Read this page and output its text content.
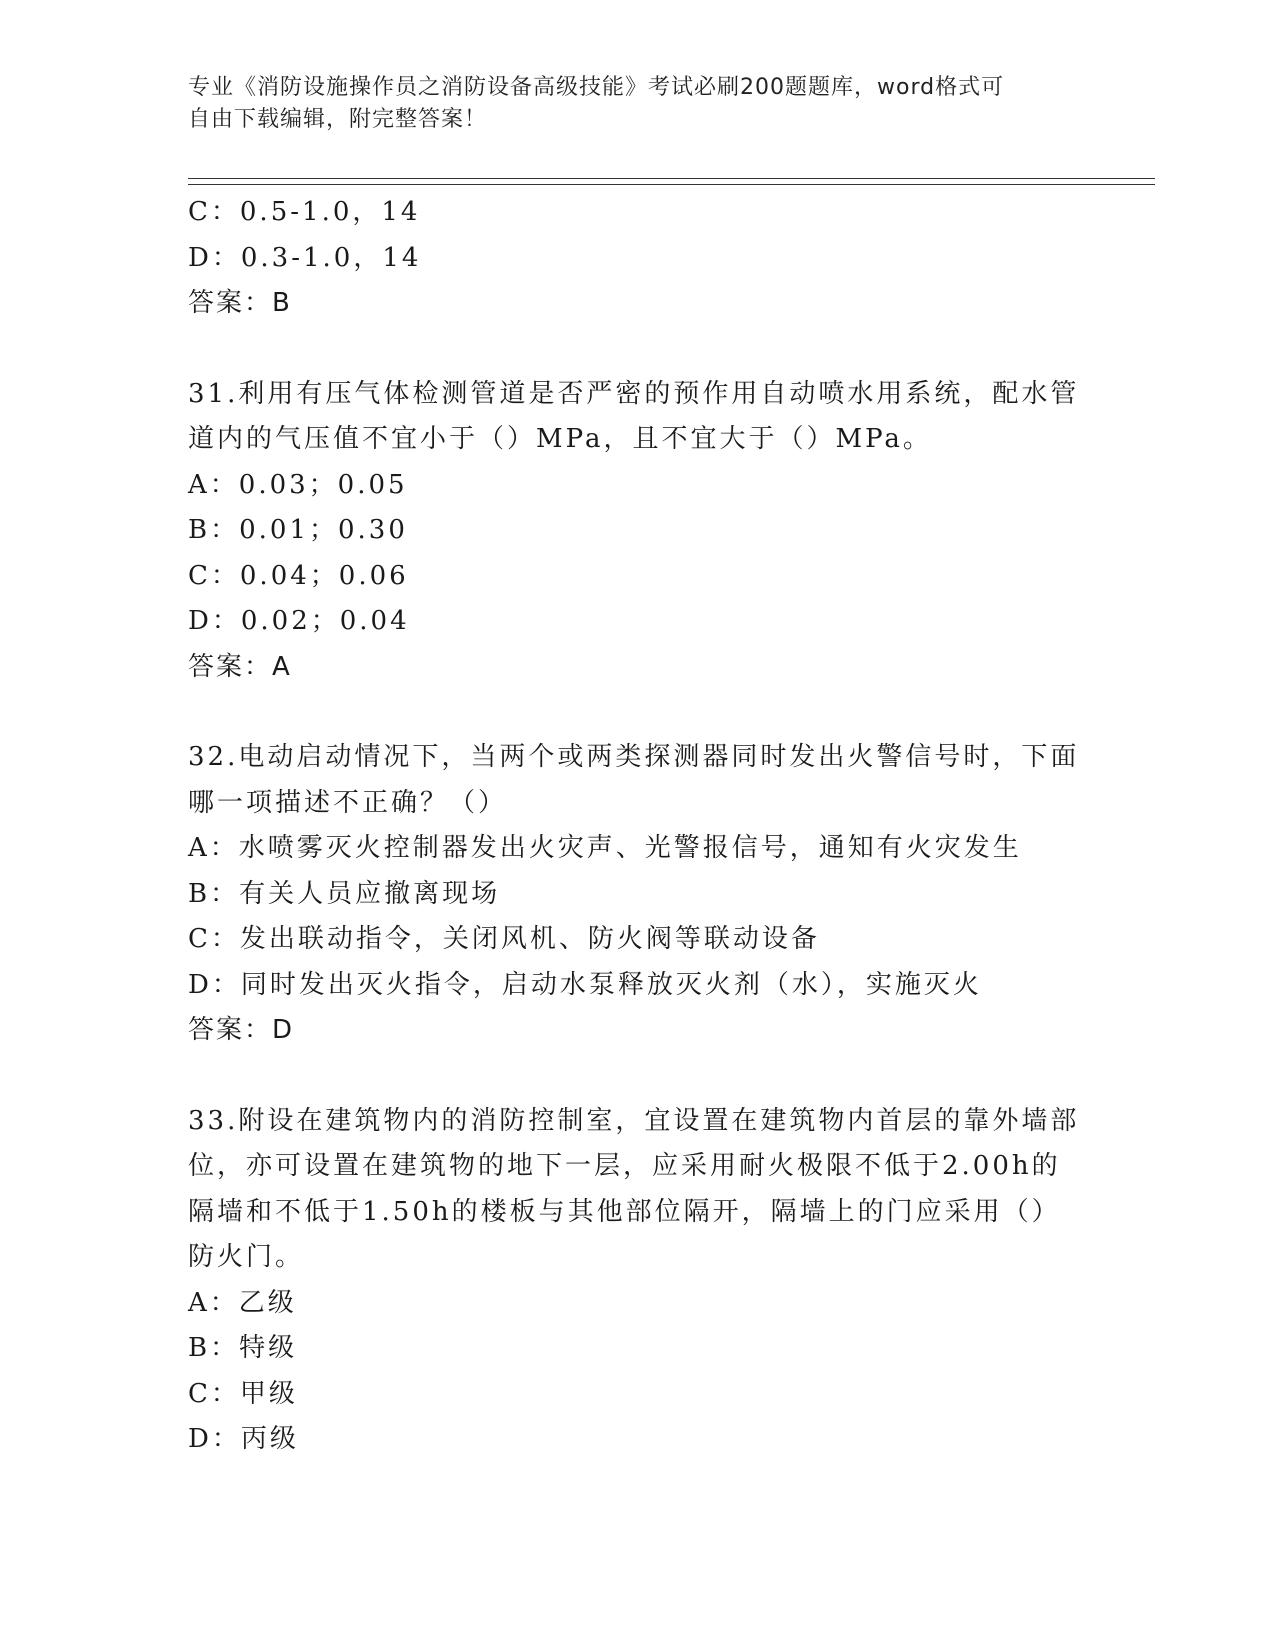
专业《消防设施操作员之消防设备高级技能》考试必刷200题题库，word格式可
自由下载编辑，附完整答案！
C：0.5-1.0，14
D：0.3-1.0，14
答案：B
31.利用有压气体检测管道是否严密的预作用自动喷水用系统，配水管道内的气压值不宜小于（）MPa，且不宜大于（）MPa。
A：0.03；0.05
B：0.01；0.30
C：0.04；0.06
D：0.02；0.04
答案：A
32.电动启动情况下，当两个或两类探测器同时发出火警信号时，下面哪一项描述不正确？（）
A：水喷雾灭火控制器发出火灾声、光警报信号，通知有火灾发生
B：有关人员应撤离现场
C：发出联动指令，关闭风机、防火阀等联动设备
D：同时发出灭火指令，启动水泵释放灭火剂（水），实施灭火
答案：D
33.附设在建筑物内的消防控制室，宜设置在建筑物内首层的靠外墙部位，亦可设置在建筑物的地下一层，应采用耐火极限不低于2.00h的隔墙和不低于1.50h的楼板与其他部位隔开，隔墙上的门应采用（）防火门。
A：乙级
B：特级
C：甲级
D：丙级
